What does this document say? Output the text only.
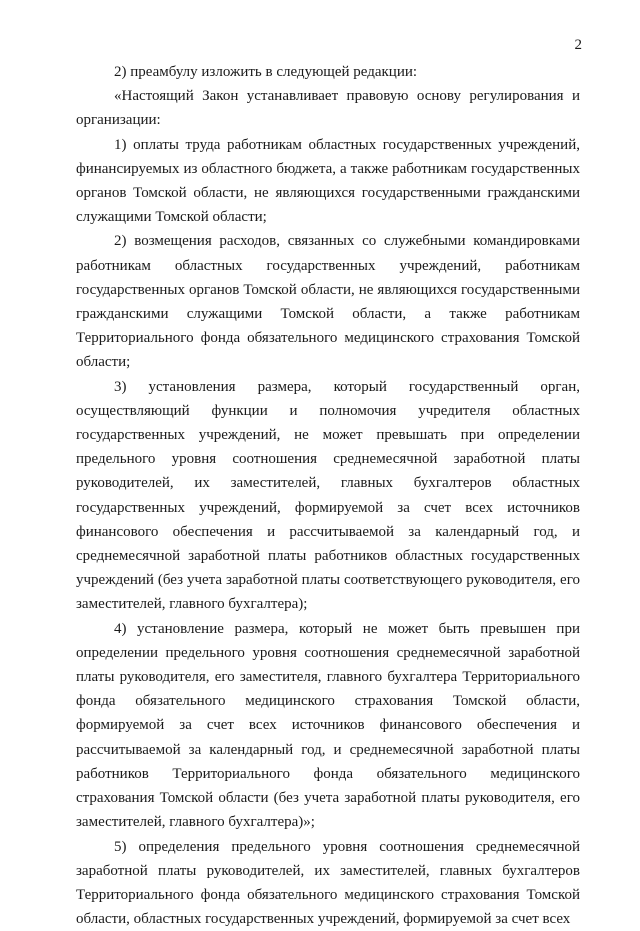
2

2) преамбулу изложить в следующей редакции:

«Настоящий Закон устанавливает правовую основу регулирования и организации:

1) оплаты труда работникам областных государственных учреждений, финансируемых из областного бюджета, а также работникам государственных органов Томской области, не являющихся государственными гражданскими служащими Томской области;

2) возмещения расходов, связанных со служебными командировками работникам областных государственных учреждений, работникам государственных органов Томской области, не являющихся государственными гражданскими служащими Томской области, а также работникам Территориального фонда обязательного медицинского страхования Томской области;

3) установления размера, который государственный орган, осуществляющий функции и полномочия учредителя областных государственных учреждений, не может превышать при определении предельного уровня соотношения среднемесячной заработной платы руководителей, их заместителей, главных бухгалтеров областных государственных учреждений, формируемой за счет всех источников финансового обеспечения и рассчитываемой за календарный год, и среднемесячной заработной платы работников областных государственных учреждений (без учета заработной платы соответствующего руководителя, его заместителей, главного бухгалтера);

4) установление размера, который не может быть превышен при определении предельного уровня соотношения среднемесячной заработной платы руководителя, его заместителя, главного бухгалтера Территориального фонда обязательного медицинского страхования Томской области, формируемой за счет всех источников финансового обеспечения и рассчитываемой за календарный год, и среднемесячной заработной платы работников Территориального фонда обязательного медицинского страхования Томской области (без учета заработной платы руководителя, его заместителей, главного бухгалтера)»;

5) определения предельного уровня соотношения среднемесячной заработной платы руководителей, их заместителей, главных бухгалтеров Территориального фонда обязательного медицинского страхования Томской области, областных государственных учреждений, формируемой за счет всех
